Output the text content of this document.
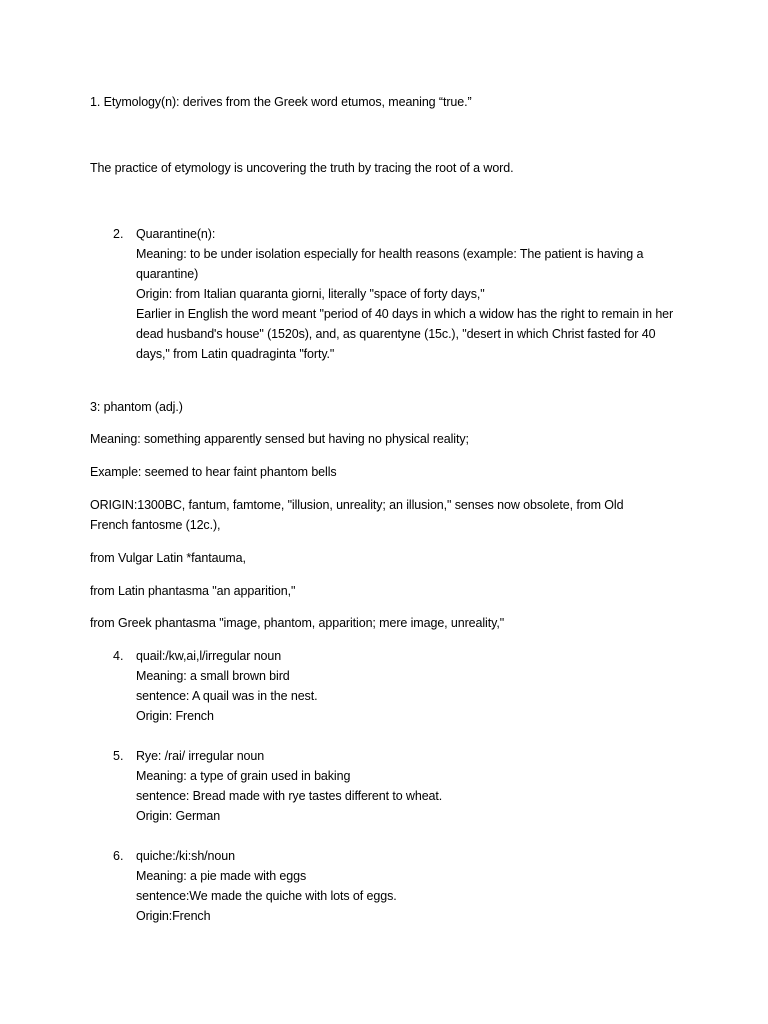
1. Etymology(n): derives from the Greek word etumos, meaning “true.”
The practice of etymology is uncovering the truth by tracing the root of a word.
2. Quarantine(n):
Meaning: to be under isolation especially for health reasons (example: The patient is having a quarantine)
Origin: from Italian quaranta giorni, literally "space of forty days,"
Earlier in English the word meant "period of 40 days in which a widow has the right to remain in her dead husband's house" (1520s), and, as quarentyne (15c.), "desert in which Christ fasted for 40 days," from Latin quadraginta "forty."
3: phantom (adj.)
Meaning: something apparently sensed but having no physical reality;
Example: seemed to hear faint phantom bells
ORIGIN:1300BC, fantum, famtome, "illusion, unreality; an illusion," senses now obsolete, from Old French fantosme (12c.),
from Vulgar Latin *fantauma,
from Latin phantasma "an apparition,"
from Greek phantasma "image, phantom, apparition; mere image, unreality,"
4. quail:/kw,ai,l/irregular noun
Meaning: a small brown bird
sentence: A quail was in the nest.
Origin: French
5. Rye: /rai/ irregular noun
Meaning: a type of grain used in baking
sentence: Bread made with rye tastes different to wheat.
Origin: German
6. quiche:/ki:sh/noun
Meaning: a pie made with eggs
sentence:We made the quiche with lots of eggs.
Origin:French
